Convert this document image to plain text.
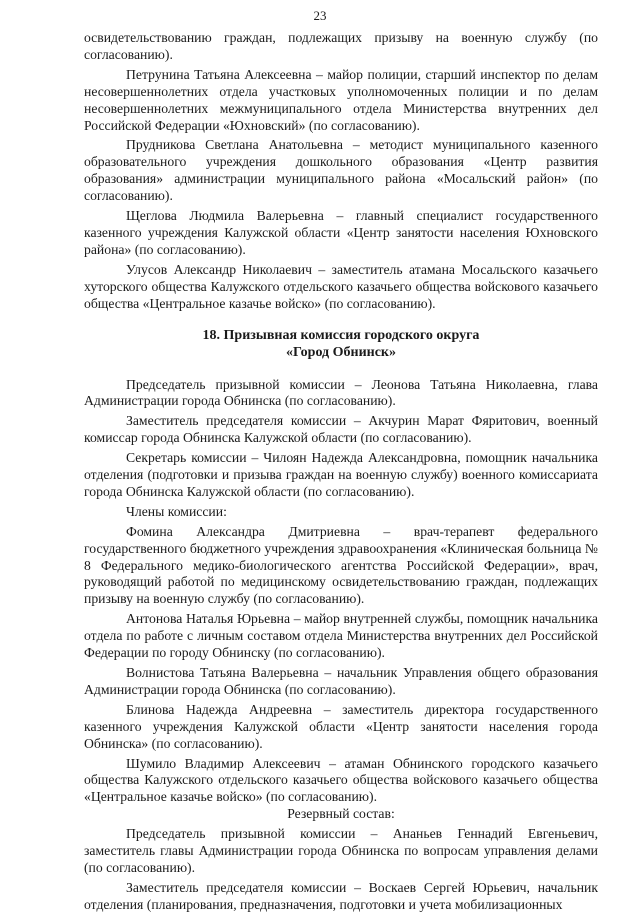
23

освидетельствованию граждан, подлежащих призыву на военную службу (по согласованию).

Петрунина Татьяна Алексеевна – майор полиции, старший инспектор по делам несовершеннолетних отдела участковых уполномоченных полиции и по делам несовершеннолетних межмуниципального отдела Министерства внутренних дел Российской Федерации «Юхновский» (по согласованию).

Прудникова Светлана Анатольевна – методист муниципального казенного образовательного учреждения дошкольного образования «Центр развития образования» администрации муниципального района «Мосальский район» (по согласованию).

Щеглова Людмила Валерьевна – главный специалист государственного казенного учреждения Калужской области «Центр занятости населения Юхновского района» (по согласованию).

Улусов Александр Николаевич – заместитель атамана Мосальского казачьего хуторского общества Калужского отдельского казачьего общества войскового казачьего общества «Центральное казачье войско» (по согласованию).

18. Призывная комиссия городского округа
«Город Обнинск»

Председатель призывной комиссии – Леонова Татьяна Николаевна, глава Администрации города Обнинска (по согласованию).

Заместитель председателя комиссии – Акчурин Марат Фяритович, военный комиссар города Обнинска Калужской области (по согласованию).

Секретарь комиссии – Чилоян Надежда Александровна, помощник начальника отделения (подготовки и призыва граждан на военную службу) военного комиссариата города Обнинска Калужской области (по согласованию).

Члены комиссии:

Фомина Александра Дмитриевна – врач-терапевт федерального государственного бюджетного учреждения здравоохранения «Клиническая больница № 8 Федерального медико-биологического агентства Российской Федерации», врач, руководящий работой по медицинскому освидетельствованию граждан, подлежащих призыву на военную службу (по согласованию).

Антонова Наталья Юрьевна – майор внутренней службы, помощник начальника отдела по работе с личным составом отдела Министерства внутренних дел Российской Федерации по городу Обнинску (по согласованию).

Волнистова Татьяна Валерьевна – начальник Управления общего образования Администрации города Обнинска (по согласованию).

Блинова Надежда Андреевна – заместитель директора государственного казенного учреждения Калужской области «Центр занятости населения города Обнинска» (по согласованию).

Шумило Владимир Алексеевич – атаман Обнинского городского казачьего общества Калужского отдельского казачьего общества войскового казачьего общества «Центральное казачье войско» (по согласованию).

Резервный состав:

Председатель призывной комиссии – Ананьев Геннадий Евгеньевич, заместитель главы Администрации города Обнинска по вопросам управления делами (по согласованию).

Заместитель председателя комиссии – Воскаев Сергей Юрьевич, начальник отделения (планирования, предназначения, подготовки и учета мобилизационных
